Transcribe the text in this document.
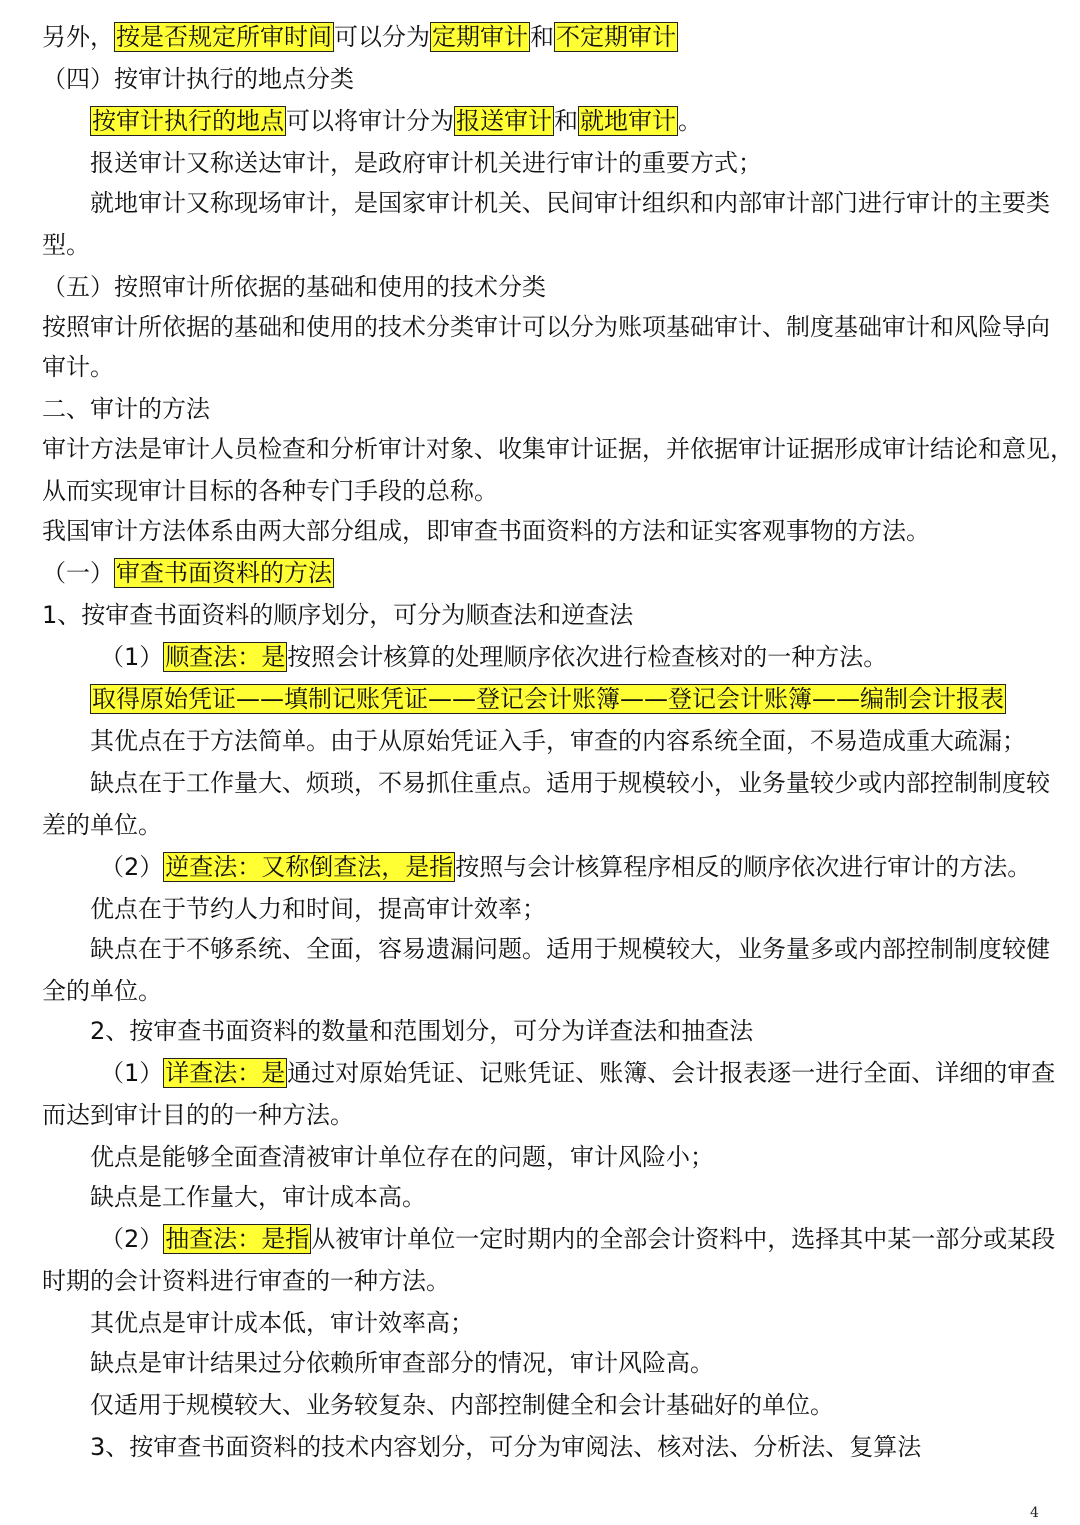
4
另外，按是否规定所审时间可以分为定期审计和不定期审计
（四）按审计执行的地点分类
按审计执行的地点可以将审计分为报送审计和就地审计。
报送审计又称送达审计，是政府审计机关进行审计的重要方式；
就地审计又称现场审计，是国家审计机关、民间审计组织和内部审计部门进行审计的主要类
型。
（五）按照审计所依据的基础和使用的技术分类
按照审计所依据的基础和使用的技术分类审计可以分为账项基础审计、制度基础审计和风险导向
审计。
二、审计的方法
审计方法是审计人员检查和分析审计对象、收集审计证据，并依据审计证据形成审计结论和意见，
从而实现审计目标的各种专门手段的总称。
我国审计方法体系由两大部分组成，即审查书面资料的方法和证实客观事物的方法。
（一）审查书面资料的方法
1、按审查书面资料的顺序划分，可分为顺查法和逆查法
（1）顺查法：是按照会计核算的处理顺序依次进行检查核对的一种方法。
取得原始凭证——填制记账凭证——登记会计账簿——登记会计账簿——编制会计报表
其优点在于方法简单。由于从原始凭证入手，审查的内容系统全面，不易造成重大疏漏；
缺点在于工作量大、烦琐，不易抓住重点。适用于规模较小，业务量较少或内部控制制度较
差的单位。
（2）逆查法：又称倒查法，是指按照与会计核算程序相反的顺序依次进行审计的方法。
优点在于节约人力和时间，提高审计效率；
缺点在于不够系统、全面，容易遗漏问题。适用于规模较大，业务量多或内部控制制度较健
全的单位。
2、按审查书面资料的数量和范围划分，可分为详查法和抽查法
（1）详查法：是通过对原始凭证、记账凭证、账簿、会计报表逐一进行全面、详细的审查
而达到审计目的的一种方法。
优点是能够全面查清被审计单位存在的问题，审计风险小；
缺点是工作量大，审计成本高。
（2）抽查法：是指从被审计单位一定时期内的全部会计资料中，选择其中某一部分或某段
时期的会计资料进行审查的一种方法。
其优点是审计成本低，审计效率高；
缺点是审计结果过分依赖所审查部分的情况，审计风险高。
仅适用于规模较大、业务较复杂、内部控制健全和会计基础好的单位。
3、按审查书面资料的技术内容划分，可分为审阅法、核对法、分析法、复算法
